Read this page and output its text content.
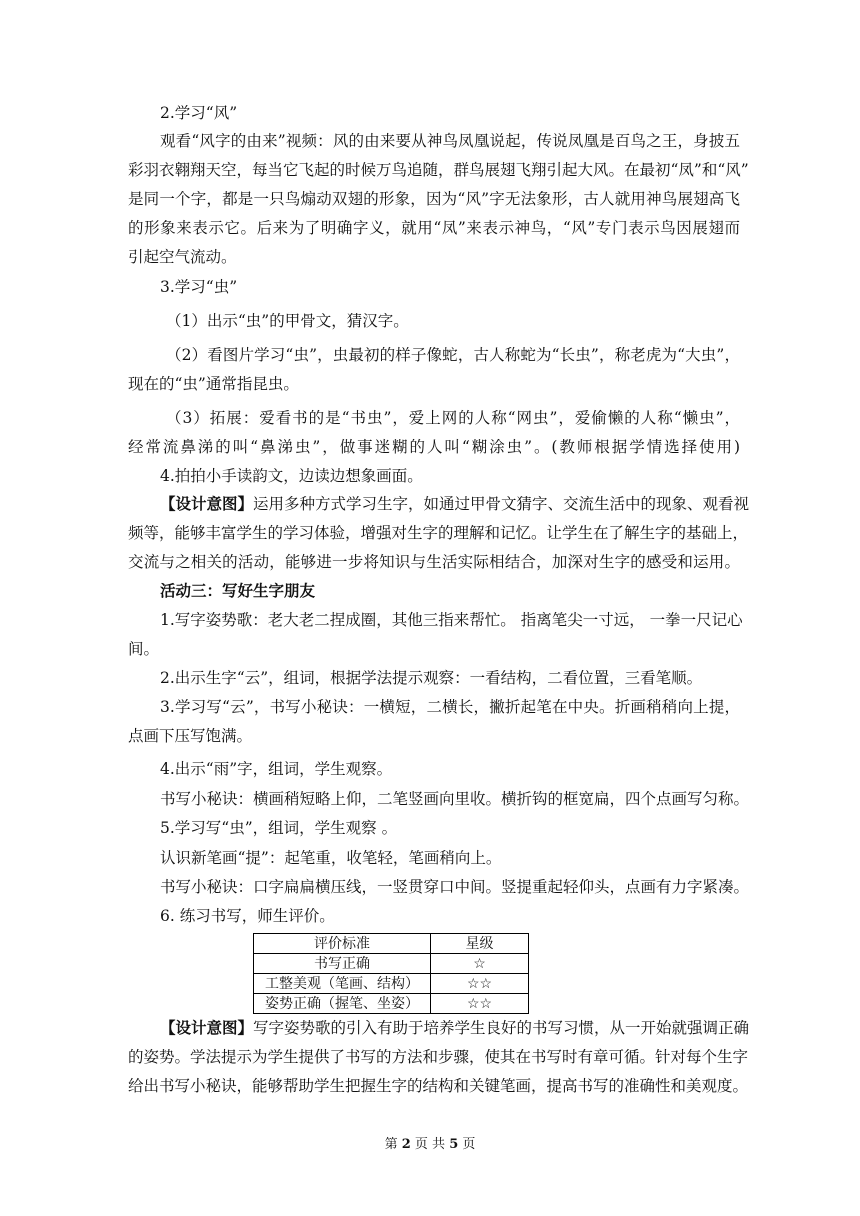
2.学习“风”
观看“风字的由来”视频：风的由来要从神鸟凤凰说起，传说凤凰是百鸟之王，身披五
彩羽衣翱翔天空，每当它飞起的时候万鸟追随，群鸟展翅飞翔引起大风。在最初“凤”和“风”
是同一个字，都是一只鸟煽动双翅的形象，因为“风”字无法象形，古人就用神鸟展翅高飞
的形象来表示它。后来为了明确字义，就用“凤”来表示神鸟，“风”专门表示鸟因展翅而
引起空气流动。
3.学习“虫”
（1）出示“虫”的甲骨文，猜汉字。
（2）看图片学习“虫”，虫最初的样子像蛇，古人称蛇为“长虫”，称老虎为“大虫”，
现在的“虫”通常指昆虫。
（3）拓展：爱看书的是“书虫”，爱上网的人称“网虫”，爱偷懒的人称“懒虫”，
经常流鼻涕的叫“鼻涕虫”，做事迷糊的人叫“糊涂虫”。(教师根据学情选择使用)
4.拍拍小手读韵文，边读边想象画面。
【设计意图】运用多种方式学习生字，如通过甲骨文猜字、交流生活中的现象、观看视
频等，能够丰富学生的学习体验，增强对生字的理解和记忆。让学生在了解生字的基础上，
交流与之相关的活动，能够进一步将知识与生活实际相结合，加深对生字的感受和运用。
活动三：写好生字朋友
1.写字姿势歌：老大老二捏成圈，其他三指来帮忙。 指离笔尖一寸远， 一拳一尺记心
间。
2.出示生字“云”，组词，根据学法提示观察：一看结构，二看位置，三看笔顺。
3.学习写“云”，书写小秘诀：一横短，二横长，撇折起笔在中央。折画稍稍向上提，
点画下压写饱满。
4.出示“雨”字，组词，学生观察。
书写小秘诀：横画稍短略上仰，二笔竖画向里收。横折钩的框宽扁，四个点画写匀称。
5.学习写“虫”，组词，学生观察 。
认识新笔画“提”：起笔重，收笔轻，笔画稍向上。
书写小秘诀：口字扁扁横压线，一竖贯穿口中间。竖提重起轻仰头，点画有力字紧凑。
6. 练习书写，师生评价。
评价标准	星级
书写正确	☆
工整美观（笔画、结构）	☆☆
姿势正确（握笔、坐姿）	☆☆
【设计意图】写字姿势歌的引入有助于培养学生良好的书写习惯，从一开始就强调正确
的姿势。学法提示为学生提供了书写的方法和步骤，使其在书写时有章可循。针对每个生字
给出书写小秘诀，能够帮助学生把握生字的结构和关键笔画，提高书写的准确性和美观度。
第 2 页 共 5 页
